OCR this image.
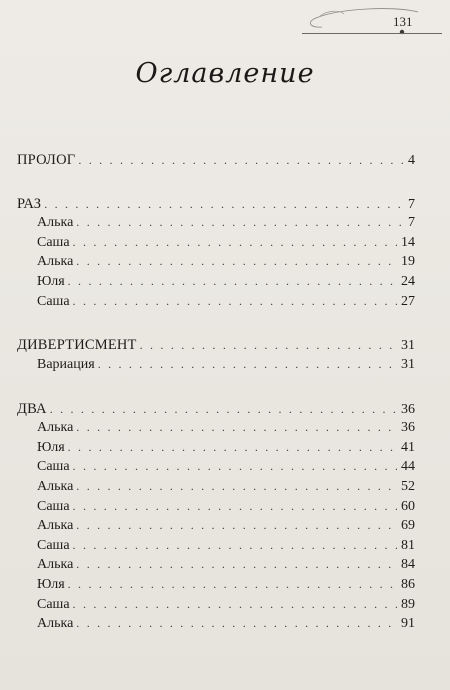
131
Оглавление
ПРОЛОГ . . .	4
РАЗ . . .	7
Алька . . .	7
Саша . . .	14
Алька . . .	19
Юля . . .	24
Саша . . .	27
ДИВЕРТИСМЕНТ . . .	31
Вариация . . .	31
ДВА . . .	36
Алька . . .	36
Юля . . .	41
Саша . . .	44
Алька . . .	52
Саша . . .	60
Алька . . .	69
Саша . . .	81
Алька . . .	84
Юля . . .	86
Саша . . .	89
Алька . . .	91
